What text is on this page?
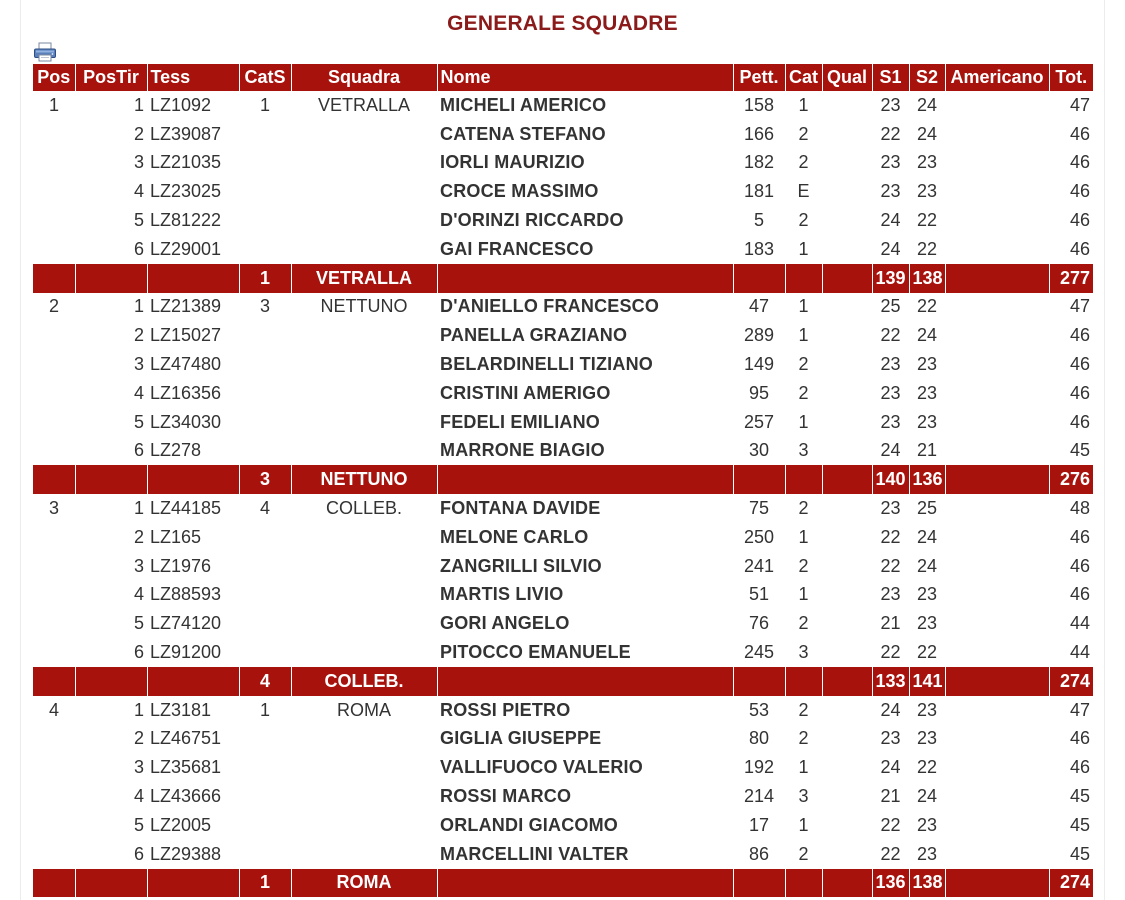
GENERALE SQUADRE
Pos	PosTir	Tess	CatS	Squadra	Nome	Pett.	Cat	Qual	S1	S2	Americano	Tot.
1	1	LZ1092	1	VETRALLA	MICHELI AMERICO	158	1		23	24		47
	2	LZ39087			CATENA STEFANO	166	2		22	24		46
	3	LZ21035			IORLI MAURIZIO	182	2		23	23		46
	4	LZ23025			CROCE MASSIMO	181	E		23	23		46
	5	LZ81222			D'ORINZI RICCARDO	5	2		24	22		46
	6	LZ29001			GAI FRANCESCO	183	1		24	22		46
			1	VETRALLA					139	138		277
2	1	LZ21389	3	NETTUNO	D'ANIELLO FRANCESCO	47	1		25	22		47
	2	LZ15027			PANELLA GRAZIANO	289	1		22	24		46
	3	LZ47480			BELARDINELLI TIZIANO	149	2		23	23		46
	4	LZ16356			CRISTINI AMERIGO	95	2		23	23		46
	5	LZ34030			FEDELI EMILIANO	257	1		23	23		46
	6	LZ278			MARRONE BIAGIO	30	3		24	21		45
			3	NETTUNO					140	136		276
3	1	LZ44185	4	COLLEB.	FONTANA DAVIDE	75	2		23	25		48
	2	LZ165			MELONE CARLO	250	1		22	24		46
	3	LZ1976			ZANGRILLI SILVIO	241	2		22	24		46
	4	LZ88593			MARTIS LIVIO	51	1		23	23		46
	5	LZ74120			GORI ANGELO	76	2		21	23		44
	6	LZ91200			PITOCCO EMANUELE	245	3		22	22		44
			4	COLLEB.					133	141		274
4	1	LZ3181	1	ROMA	ROSSI PIETRO	53	2		24	23		47
	2	LZ46751			GIGLIA GIUSEPPE	80	2		23	23		46
	3	LZ35681			VALLIFUOCO VALERIO	192	1		24	22		46
	4	LZ43666			ROSSI MARCO	214	3		21	24		45
	5	LZ2005			ORLANDI GIACOMO	17	1		22	23		45
	6	LZ29388			MARCELLINI VALTER	86	2		22	23		45
			1	ROMA					136	138		274
